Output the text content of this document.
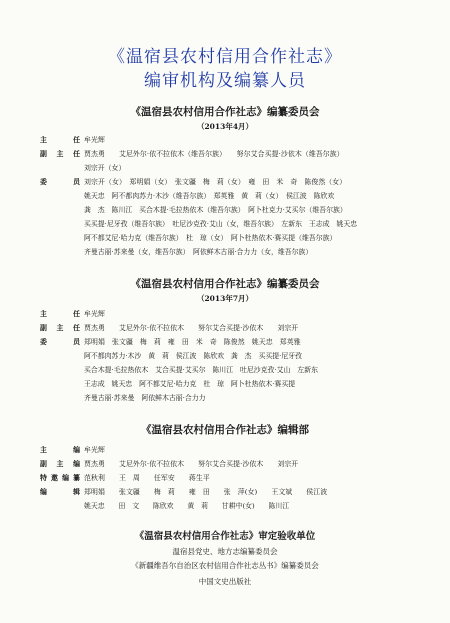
《温宿县农村信用合作社志》
编审机构及编纂人员
《温宿县农村信用合作社志》编纂委员会
（2013年4月）
主　任 牟光辉
副主任 贾杰勇　　艾尼外尔·依不拉依木（维吾尔族）　　努尔艾合买提·沙依木（维吾尔族）
刘宗开（女）
委　员 刘宗开（女）　郑明娟（女）　张文疆　梅　莉（女）　雍　田　米　奇　陈俊然（女）
姚天忠　阿不都肉苏力·木沙（维吾尔族）　郑英雅　黄　莉（女）　侯江波　陈欣欢
龚　杰　陈川江　买合木提·毛拉热依木（维吾尔族）　阿卜杜克力·艾买尔（维吾尔族）
买买提·尼牙孜（维吾尔族）　吐尼沙克孜·艾山（女，维吾尔族）　左新东　王志成　姚天忠
阿不都艾尼·哈力克（维吾尔族）　杜　琼（女）　阿卜杜热依木·赛买提（维吾尔族）
齐曼古丽·苏来曼（女，维吾尔族）　阿依鲜木古丽·合力力（女，维吾尔族）
《温宿县农村信用合作社志》编纂委员会
（2013年7月）
主　任 牟光辉
副主任 贾杰勇　　艾尼外尔·依不拉依木　　努尔艾合买提·沙依木　　刘宗开
委　员 郑明娟　张文疆　梅　莉　雍　田　米　奇　陈俊然　姚天忠　郑英雅
阿不都肉苏力·木沙　黄　莉　侯江波　陈欣欢　龚　杰　买买提·尼牙孜
买合木提·毛拉热依木　艾合买提·艾买尔　陈川江　吐尼沙克孜·艾山　左新东
王志成　姚天忠　阿不都艾尼·哈力克　杜　琼　阿卜杜热依木·赛买提
齐曼古丽·苏来曼　阿依鲜木古丽·合力力
《温宿县农村信用合作社志》编辑部
主　编 牟光辉
副主编 贾杰勇　　艾尼外尔·依不拉依木　　努尔艾合买提·沙依木　　刘宗开
特邀编纂 范秋利　　王　周　　任军安　　蒋生平
编　辑 郑明娟　　张文疆　　梅　莉　　雍　田　　张　萍(女)　　王文斌　　侯江波
姚天忠　　田　文　　陈欣欢　　黄　莉　　甘耕中(女)　　陈川江
《温宿县农村信用合作社志》审定验收单位
温宿县党史、地方志编纂委员会
《新疆维吾尔自治区农村信用合作社志丛书》编纂委员会
中国文史出版社
